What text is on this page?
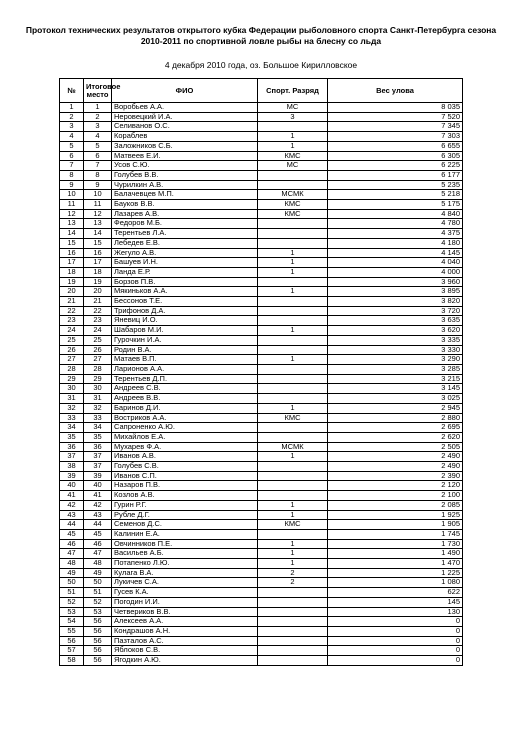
Протокол технических результатов открытого кубка Федерации рыболовного спорта Санкт-Петербурга сезона 2010-2011 по спортивной ловле рыбы на блесну со льда
4 декабря 2010 года, оз. Большое Кирилловское
№	Итоговое место	ФИО	Спорт. Разряд	Вес улова
1	1	Воробьев А.А.	МС	8 035
2	2	Неровецкий И.А.	3	7 520
3	3	Селиванов О.С.		7 345
4	4	Кораблев	1	7 303
5	5	Заложников С.Б.	1	6 655
6	6	Матвеев Е.И.	КМС	6 305
7	7	Усов С.Ю.	МС	6 225
8	8	Голубев В.В.		6 177
9	9	Чурилкин А.В.		5 235
10	10	Балачевцев М.П.	МСМК	5 218
11	11	Бауков В.В.	КМС	5 175
12	12	Лазарев А.В.	КМС	4 840
13	13	Федоров М.Б.		4 780
14	14	Терентьев Л.А.		4 375
15	15	Лебедев Е.В.		4 180
16	16	Жегуло А.В.	1	4 145
17	17	Башуев И.Н.	1	4 040
18	18	Ланда Е.Р.	1	4 000
19	19	Борзов П.В.		3 960
20	20	Мякиньков А.А.	1	3 895
21	21	Бессонов Т.Е.		3 820
22	22	Трифонов Д.А.		3 720
23	23	Яневиц И.О.		3 635
24	24	Шабаров М.И.	1	3 620
25	25	Гурочкин И.А.		3 335
26	26	Родин В.А.		3 330
27	27	Матаев В.П.	1	3 290
28	28	Ларионов А.А.		3 285
29	29	Терентьев Д.П.		3 215
30	30	Андреев С.В.		3 145
31	31	Андреев В.В.		3 025
32	32	Баринов Д.И.	1	2 945
33	33	Востриков А.А.	КМС	2 880
34	34	Сапроненко А.Ю.		2 695
35	35	Михайлов Е.А.		2 620
36	36	Мухарев Ф.А.	МСМК	2 505
37	37	Иванов А.В.	1	2 490
38	37	Голубев С.В.		2 490
39	39	Иванов С.П.		2 390
40	40	Назаров П.В.		2 120
41	41	Козлов А.В.		2 100
42	42	Гурин Р.Г.	1	2 085
43	43	Рубле Д.Г.	1	1 925
44	44	Семенов Д.С.	КМС	1 905
45	45	Калинин Е.А.		1 745
46	46	Овчинников П.Е.	1	1 730
47	47	Васильев А.Б.	1	1 490
48	48	Потапенко Л.Ю.	1	1 470
49	49	Кулага В.А.	2	1 225
50	50	Лукичев С.А.	2	1 080
51	51	Гусев К.А.		622
52	52	Погодин И.И.		145
53	53	Четвериков В.В.		130
54	56	Алексеев А.А.		0
55	56	Кондрашов А.Н.		0
56	56	Пазталов А.С.		0
57	56	Яблоков С.В.		0
58	56	Ягодкин А.Ю.		0
